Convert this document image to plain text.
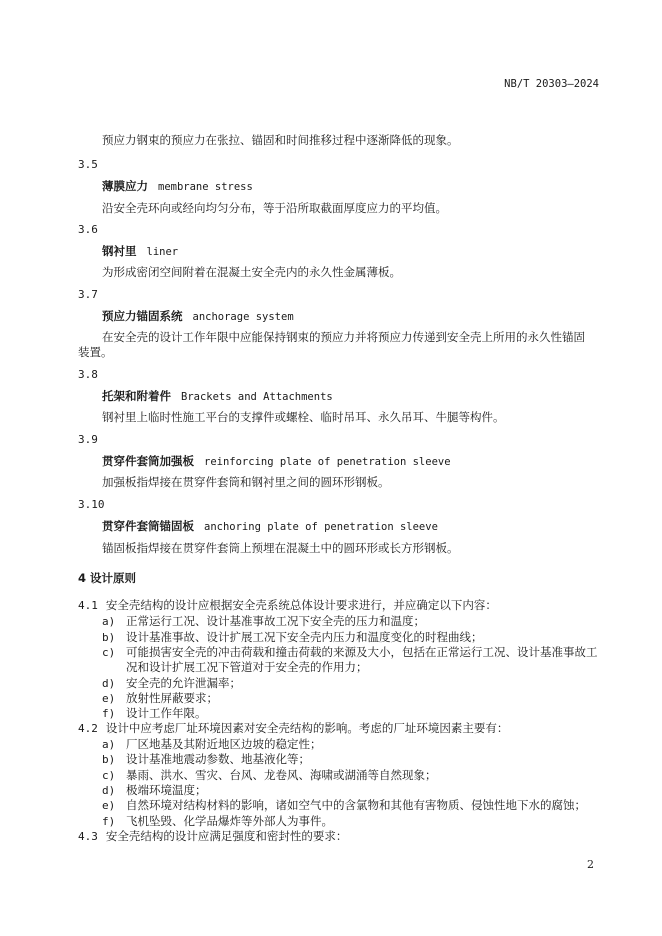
NB/T 20303—2024
预应力钢束的预应力在张拉、锚固和时间推移过程中逐渐降低的现象。
3.5
薄膜应力 membrane stress
沿安全壳环向或经向均匀分布，等于沿所取截面厚度应力的平均值。
3.6
钢衬里 liner
为形成密闭空间附着在混凝土安全壳内的永久性金属薄板。
3.7
预应力锚固系统 anchorage system
在安全壳的设计工作年限中应能保持钢束的预应力并将预应力传递到安全壳上所用的永久性锚固
装置。
3.8
托架和附着件 Brackets and Attachments
钢衬里上临时性施工平台的支撑件或螺栓、临时吊耳、永久吊耳、牛腿等构件。
3.9
贯穿件套筒加强板 reinforcing plate of penetration sleeve
加强板指焊接在贯穿件套筒和钢衬里之间的圆环形钢板。
3.10
贯穿件套筒锚固板 anchoring plate of penetration sleeve
锚固板指焊接在贯穿件套筒上预埋在混凝土中的圆环形或长方形钢板。
4 设计原则
4.1 安全壳结构的设计应根据安全壳系统总体设计要求进行，并应确定以下内容：
a) 正常运行工况、设计基准事故工况下安全壳的压力和温度；
b) 设计基准事故、设计扩展工况下安全壳内压力和温度变化的时程曲线；
c) 可能损害安全壳的冲击荷载和撞击荷载的来源及大小，包括在正常运行工况、设计基准事故工
况和设计扩展工况下管道对于安全壳的作用力；
d) 安全壳的允许泄漏率；
e) 放射性屏蔽要求；
f) 设计工作年限。
4.2 设计中应考虑厂址环境因素对安全壳结构的影响。考虑的厂址环境因素主要有：
a) 厂区地基及其附近地区边坡的稳定性；
b) 设计基准地震动参数、地基液化等；
c) 暴雨、洪水、雪灾、台风、龙卷风、海啸或湖涌等自然现象；
d) 极端环境温度；
e) 自然环境对结构材料的影响，诸如空气中的含氯物和其他有害物质、侵蚀性地下水的腐蚀；
f) 飞机坠毁、化学品爆炸等外部人为事件。
4.3 安全壳结构的设计应满足强度和密封性的要求：
2
